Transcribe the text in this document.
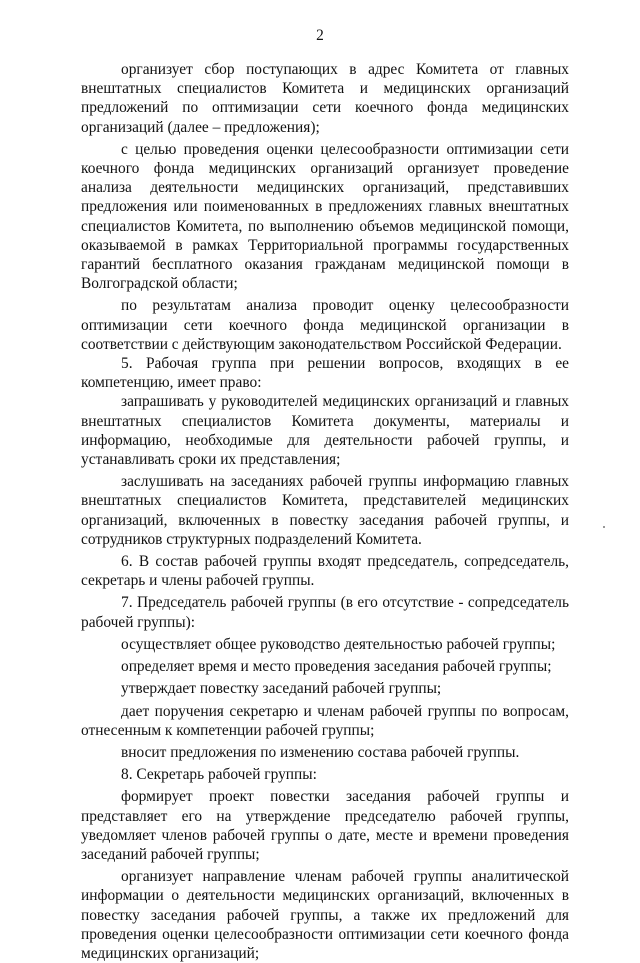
2

организует сбор поступающих в адрес Комитета от главных внештатных специалистов Комитета и медицинских организаций предложений по оптимизации сети коечного фонда медицинских организаций (далее – предложения);

с целью проведения оценки целесообразности оптимизации сети коечного фонда медицинских организаций организует проведение анализа деятельности медицинских организаций, представивших предложения или поименованных в предложениях главных внештатных специалистов Комитета, по выполнению объемов медицинской помощи, оказываемой в рамках Территориальной программы государственных гарантий бесплатного оказания гражданам медицинской помощи в Волгоградской области;

по результатам анализа проводит оценку целесообразности оптимизации сети коечного фонда медицинской организации в соответствии с действующим законодательством Российской Федерации.

5. Рабочая группа при решении вопросов, входящих в ее компетенцию, имеет право:

запрашивать у руководителей медицинских организаций и главных внештатных специалистов Комитета документы, материалы и информацию, необходимые для деятельности рабочей группы, и устанавливать сроки их представления;

заслушивать на заседаниях рабочей группы информацию главных внештатных специалистов Комитета, представителей медицинских организаций, включенных в повестку заседания рабочей группы, и сотрудников структурных подразделений Комитета.

6. В состав рабочей группы входят председатель, сопредседатель, секретарь и члены рабочей группы.

7. Председатель рабочей группы (в его отсутствие - сопредседатель рабочей группы):

осуществляет общее руководство деятельностью рабочей группы;

определяет время и место проведения заседания рабочей группы;

утверждает повестку заседаний рабочей группы;

дает поручения секретарю и членам рабочей группы по вопросам, отнесенным к компетенции рабочей группы;

вносит предложения по изменению состава рабочей группы.

8. Секретарь рабочей группы:

формирует проект повестки заседания рабочей группы и представляет его на утверждение председателю рабочей группы, уведомляет членов рабочей группы о дате, месте и времени проведения заседаний рабочей группы;

организует направление членам рабочей группы аналитической информации о деятельности медицинских организаций, включенных в повестку заседания рабочей группы, а также их предложений для проведения оценки целесообразности оптимизации сети коечного фонда медицинских организаций;
